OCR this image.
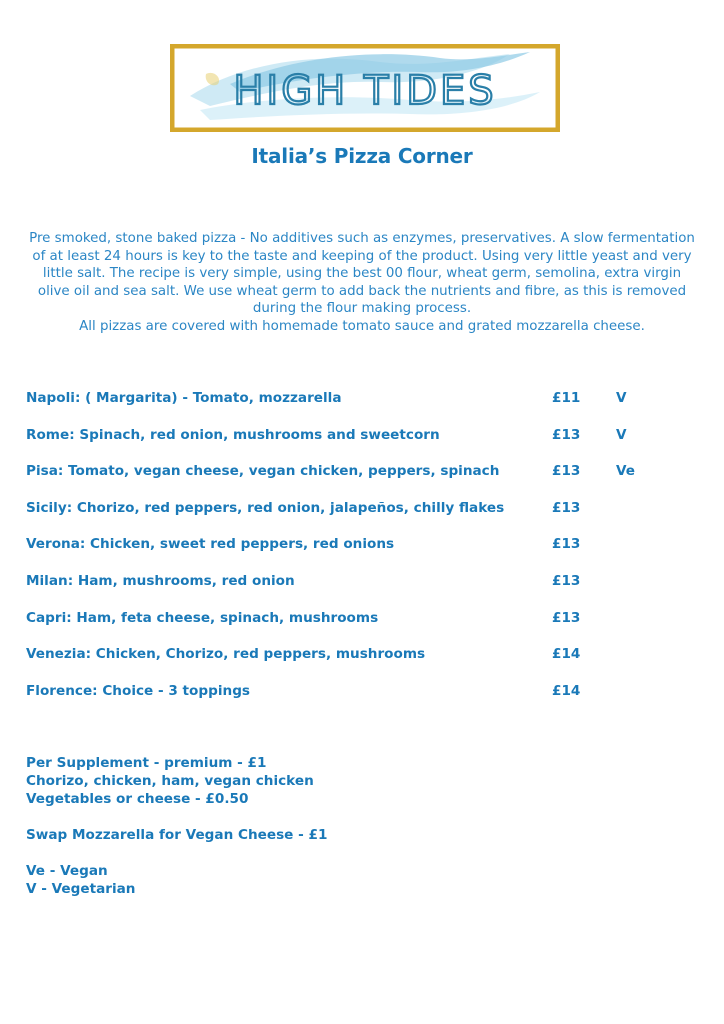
HIGH TIDES
Italia’s Pizza Corner

Pre smoked, stone baked pizza - No additives such as enzymes, preservatives. A slow fermentation

of at least 24 hours is key to the taste and keeping of the product. Using very little yeast and very

little salt. The recipe is very simple, using the best 00 flour, wheat germ, semolina, extra virgin

olive oil and sea salt. We use wheat germ to add back the nutrients and fibre, as this is removed

during the flour making process.

All pizzas are covered with homemade tomato sauce and grated mozzarella cheese.

Napoli: ( Margarita) - Tomato, mozzarella	£11	V
Rome: Spinach, red onion, mushrooms and sweetcorn	£13	V
Pisa: Tomato, vegan cheese, vegan chicken, peppers, spinach	£13	Ve
Sicily: Chorizo, red peppers, red onion, jalapeños, chilly flakes	£13
Verona: Chicken, sweet red peppers, red onions	£13
Milan: Ham, mushrooms, red onion	£13
Capri: Ham, feta cheese, spinach, mushrooms	£13
Venezia: Chicken, Chorizo, red peppers, mushrooms	£14
Florence: Choice - 3 toppings	£14
Per Supplement - premium - £1
Chorizo, chicken, ham, vegan chicken
Vegetables or cheese - £0.50
Swap Mozzarella for Vegan Cheese - £1
Ve - Vegan
V - Vegetarian
